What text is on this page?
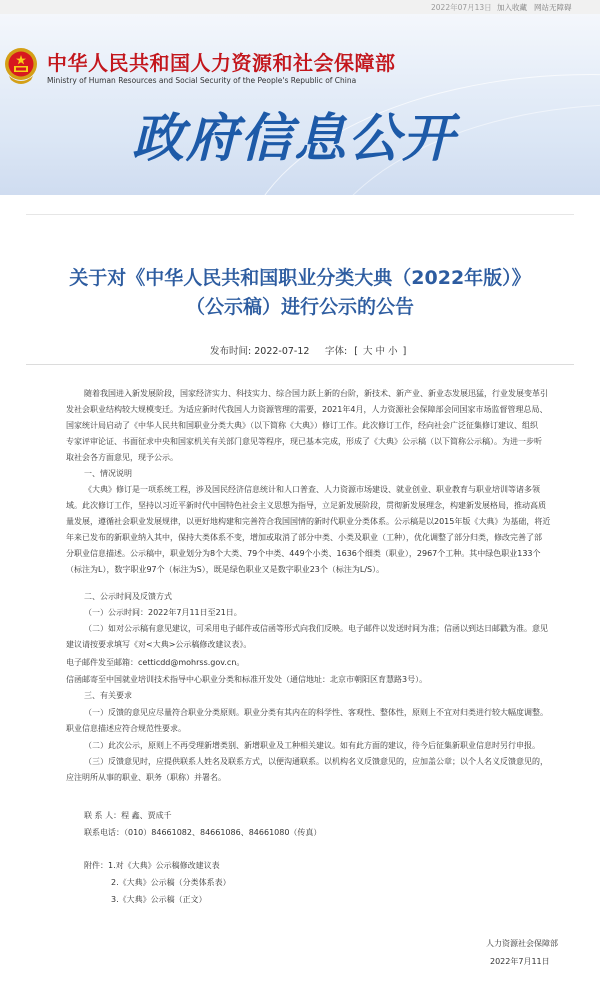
2022年07月13日 加入收藏 网站无障碍
中华人民共和国人力资源和社会保障部
Ministry of Human Resources and Social Security of the People's Republic of China
政府信息公开
关于对《中华人民共和国职业分类大典（2022年版）》
（公示稿）进行公示的公告
发布时间: 2022-07-12 字体: [ 大 中 小 ]
随着我国进入新发展阶段，国家经济实力、科技实力、综合国力跃上新的台阶，新技术、新产业、新业态发展迅猛，行业发展变革引
发社会职业结构较大规模变迁。为适应新时代我国人力资源管理的需要，2021年4月，人力资源社会保障部会同国家市场监督管理总局、
国家统计局启动了《中华人民共和国职业分类大典》（以下简称《大典》）修订工作。此次修订工作，经向社会广泛征集修订建议、组织
专家评审论证、书面征求中央和国家机关有关部门意见等程序，现已基本完成，形成了《大典》公示稿（以下简称公示稿）。为进一步听
取社会各方面意见，现予公示。
一、情况说明
《大典》修订是一项系统工程，涉及国民经济信息统计和人口普查、人力资源市场建设、就业创业、职业教育与职业培训等诸多领
域。此次修订工作，坚持以习近平新时代中国特色社会主义思想为指导，立足新发展阶段，贯彻新发展理念，构建新发展格局，推动高质
量发展，遵循社会职业发展规律，以更好地构建和完善符合我国国情的新时代职业分类体系。公示稿是以2015年版《大典》为基础，将近
年来已发布的新职业纳入其中，保持大类体系不变，增加或取消了部分中类、小类及职业（工种），优化调整了部分归类，修改完善了部
分职业信息描述。公示稿中，职业划分为8个大类、79个中类、449个小类、1636个细类（职业），2967个工种。其中绿色职业133个
（标注为L），数字职业97个（标注为S），既是绿色职业又是数字职业23个（标注为L/S）。
二、公示时间及反馈方式
（一）公示时间：2022年7月11日至21日。
（二）如对公示稿有意见建议，可采用电子邮件或信函等形式向我们反映。电子邮件以发送时间为准；信函以到达日邮戳为准。意见
建议请按要求填写《对<大典>公示稿修改建议表》。
电子邮件发至邮箱：cetticdd@mohrss.gov.cn。
信函邮寄至中国就业培训技术指导中心职业分类和标准开发处（通信地址：北京市朝阳区育慧路3号）。
三、有关要求
（一）反馈的意见应尽量符合职业分类原则。职业分类有其内在的科学性、客观性、整体性，原则上不宜对归类进行较大幅度调整。
职业信息描述应符合规范性要求。
（二）此次公示，原则上不再受理新增类别、新增职业及工种相关建议。如有此方面的建议，待今后征集新职业信息时另行申报。
（三）反馈意见时，应提供联系人姓名及联系方式，以便沟通联系。以机构名义反馈意见的，应加盖公章；以个人名义反馈意见的，
应注明所从事的职业、职务（职称）并署名。
联 系 人：程 鑫、贾成千
联系电话：（010）84661082、84661086、84661080（传真）
附件：1.对《大典》公示稿修改建议表
2.《大典》公示稿（分类体系表）
3.《大典》公示稿（正文）
人力资源社会保障部
2022年7月11日
